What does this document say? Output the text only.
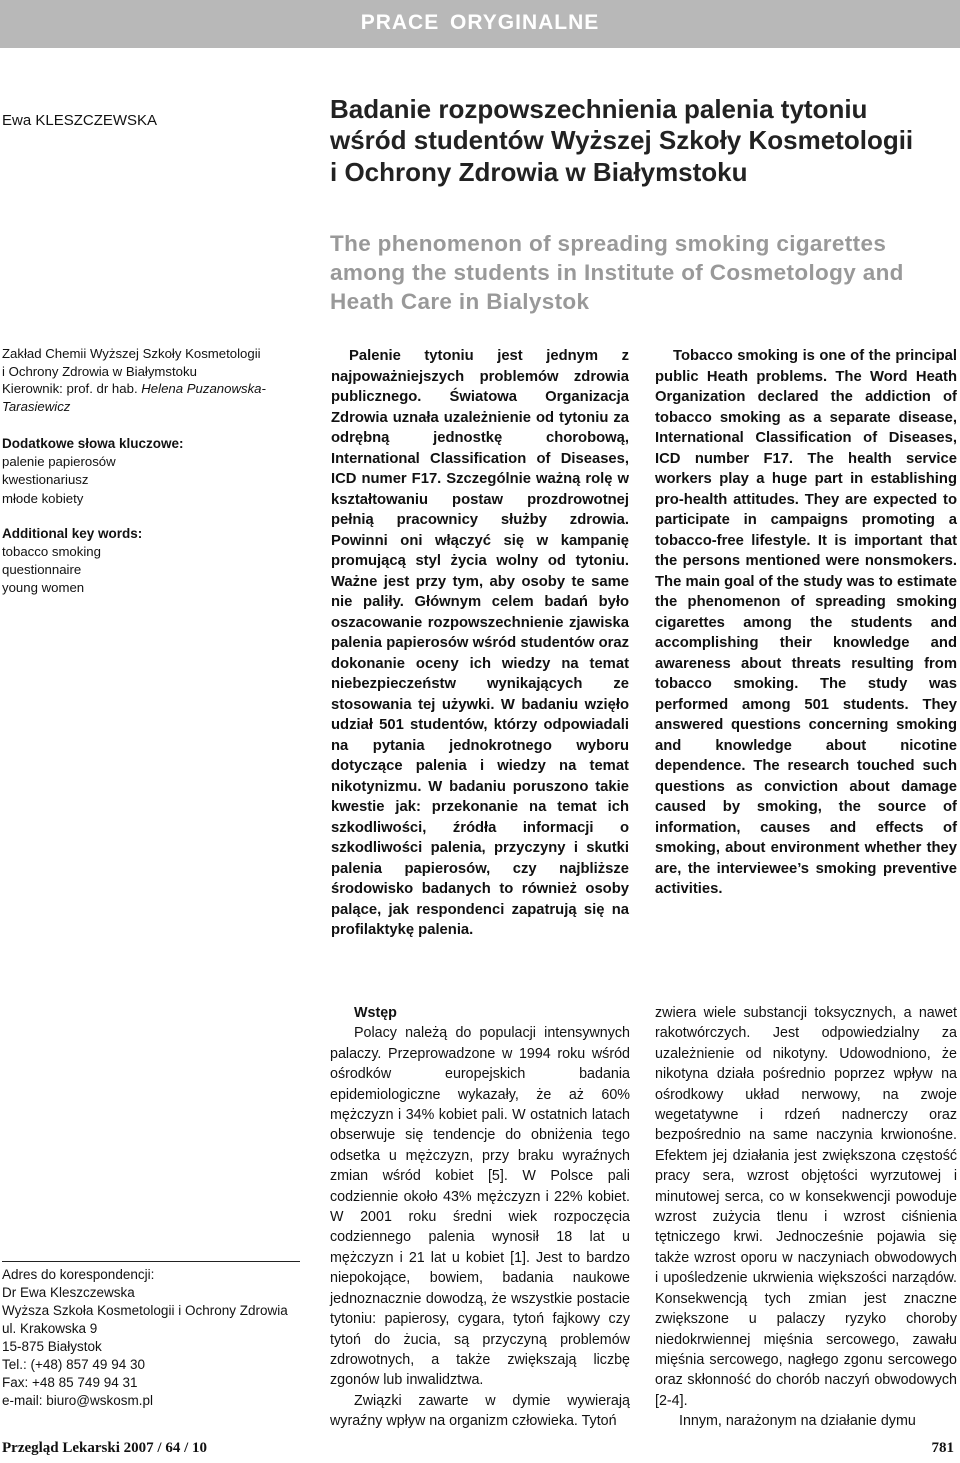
PRACE ORYGINALNE
Ewa KLESZCZEWSKA	Badanie rozpowszechnienia palenia tytoniu
wśród studentów Wyższej Szkoły Kosmetologii
i Ochrony Zdrowia w Białymstoku
The phenomenon of spreading smoking cigarettes
among the students in Institute of Cosmetology and
Heath Care in Bialystok
Zakład Chemii Wyższej Szkoły Kosmetologii
i Ochrony Zdrowia w Białymstoku
Kierownik: prof. dr hab. Helena Puzanowska-Tarasiewicz
Dodatkowe słowa kluczowe:
palenie papierosów
kwestionariusz
młode kobiety
Additional key words:
tobacco smoking
questionnaire
young women

Palenie tytoniu jest jednym z najpoważniejszych problemów zdrowia publicznego. Światowa Organizacja Zdrowia uznała uzależnienie od tytoniu za odrębną jednostkę chorobową, International Classification of Diseases, ICD numer F17. Szczególnie ważną rolę w kształtowaniu postaw prozdrowotnej pełnią pracownicy służby zdrowia. Powinni oni włączyć się w kampanię promującą styl życia wolny od tytoniu. Ważne jest przy tym, aby osoby te same nie paliły. Głównym celem badań było oszacowanie rozpowszechnienie zjawiska palenia papierosów wśród studentów oraz dokonanie oceny ich wiedzy na temat niebezpieczeństw wynikających ze stosowania tej używki. W badaniu wzięło udział 501 studentów, którzy odpowiadali na pytania jednokrotnego wyboru dotyczące palenia i wiedzy na temat nikotynizmu. W badaniu poruszono takie kwestie jak: przekonanie na temat ich szkodliwości, źródła informacji o szkodliwości palenia, przyczyny i skutki palenia papierosów, czy najbliższe środowisko badanych to również osoby palące, jak respondenci zapatrują się na profilaktykę palenia.

Tobacco smoking is one of the principal public Heath problems. The Word Heath Organization declared the addiction of tobacco smoking as a separate disease, International Classification of Diseases, ICD number F17. The health service workers play a huge part in establishing pro-health attitudes. They are expected to participate in campaigns promoting a tobacco-free lifestyle. It is important that the persons mentioned were nonsmokers. The main goal of the study was to estimate the phenomenon of spreading smoking cigarettes among the students and accomplishing their knowledge and awareness about threats resulting from tobacco smoking. The study was performed among 501 students. They answered questions concerning smoking and knowledge about nicotine dependence. The research touched such questions as conviction about damage caused by smoking, the source of information, causes and effects of smoking, about environment whether they are, the interviewee’s smoking preventive activities.

Adres do korespondencji:
Dr Ewa Kleszczewska
Wyższa Szkoła Kosmetologii i Ochrony Zdrowia
ul. Krakowska 9
15-875 Białystok
Tel.: (+48) 857 49 94 30
Fax: +48 85 749 94 31
e-mail: biuro@wskosm.pl

Wstęp

Polacy należą do populacji intensywnych palaczy. Przeprowadzone w 1994 roku wśród ośrodków europejskich badania epidemiologiczne wykazały, że aż 60% mężczyzn i 34% kobiet pali. W ostatnich latach obserwuje się tendencje do obniżenia tego odsetka u mężczyzn, przy braku wyraźnych zmian wśród kobiet [5]. W Polsce pali codziennie około 43% mężczyzn i 22% kobiet. W 2001 roku średni wiek rozpoczęcia codziennego palenia wynosił 18 lat u mężczyzn i 21 lat u kobiet [1]. Jest to bardzo niepokojące, bowiem, badania naukowe jednoznacznie dowodzą, że wszystkie postacie tytoniu: papierosy, cygara, tytoń fajkowy czy tytoń do żucia, są przyczyną problemów zdrowotnych, a także zwiększają liczbę zgonów lub inwalidztwa.

Związki zawarte w dymie wywierają wyraźny wpływ na organizm człowieka. Tytoń

zwiera wiele substancji toksycznych, a nawet rakotwórczych. Jest odpowiedzialny za uzależnienie od nikotyny. Udowodniono, że nikotyna działa pośrednio poprzez wpływ na ośrodkowy układ nerwowy, na zwoje wegetatywne i rdzeń nadnerczy oraz bezpośrednio na same naczynia krwionośne. Efektem jej działania jest zwiększona częstość pracy sera, wzrost objętości wyrzutowej i minutowej serca, co w konsekwencji powoduje wzrost zużycia tlenu i wzrost ciśnienia tętniczego krwi. Jednocześnie pojawia się także wzrost oporu w naczyniach obwodowych i upośledzenie ukrwienia większości narządów. Konsekwencją tych zmian jest znaczne zwiększone u palaczy ryzyko choroby niedokrwiennej mięśnia sercowego, zawału mięśnia sercowego, nagłego zgonu sercowego oraz skłonność do chorób naczyń obwodowych [2-4].

Innym, narażonym na działanie dymu

Przegląd Lekarski 2007 / 64 / 10	781
